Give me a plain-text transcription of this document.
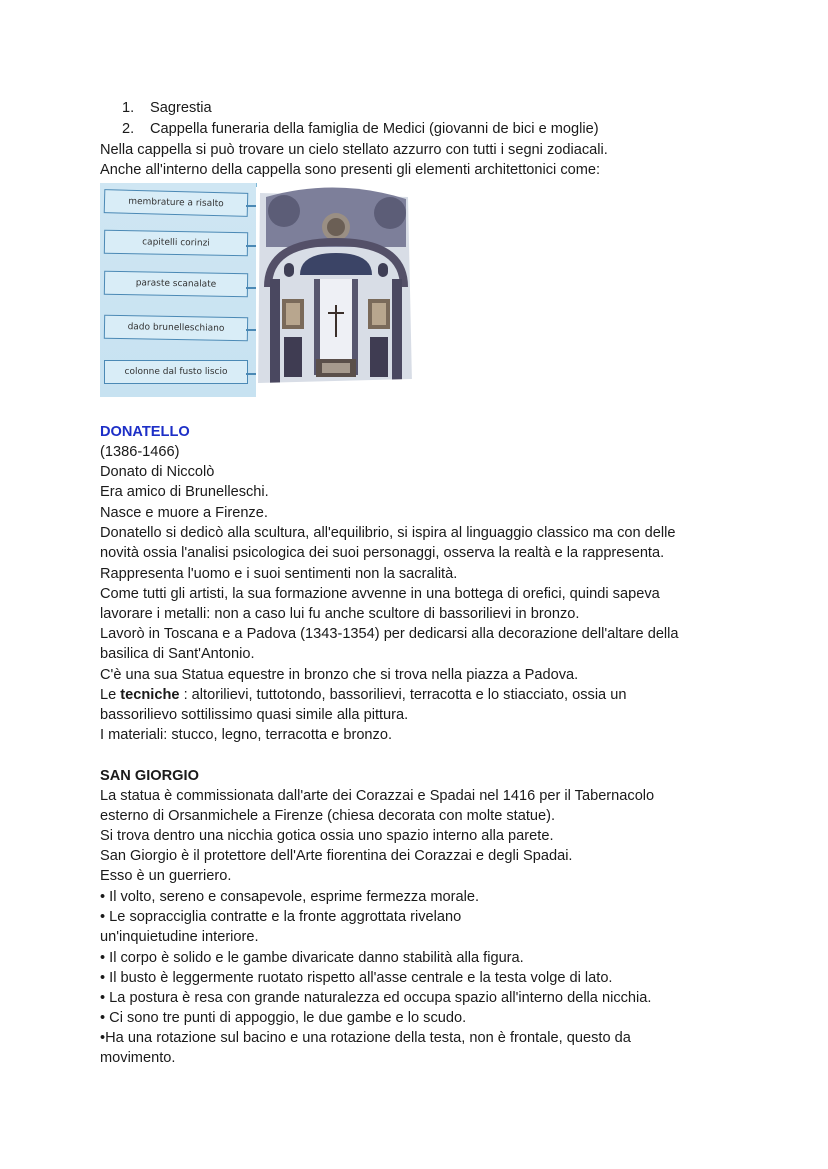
1. Sagrestia
2. Cappella funeraria della famiglia de Medici (giovanni de bici e moglie)
Nella cappella si può trovare un cielo stellato azzurro con tutti i segni zodiacali.
Anche all'interno della cappella sono presenti gli elementi architettonici come:
membrature a risalto
capitelli corinzi
paraste scanalate
dado brunelleschiano
colonne dal fusto liscio
DONATELLO
(1386-1466)
Donato di Niccolò
Era amico di Brunelleschi.
Nasce e muore a Firenze.
Donatello si dedicò alla scultura, all'equilibrio, si ispira al linguaggio classico ma con delle
novità ossia l'analisi psicologica dei suoi personaggi, osserva la realtà e la rappresenta.
Rappresenta l'uomo e i suoi sentimenti non la sacralità.
Come tutti gli artisti, la sua formazione avvenne in una bottega di orefici, quindi sapeva
lavorare i metalli: non a caso lui fu anche scultore di bassorilievi in bronzo.
Lavorò in Toscana e a Padova (1343-1354) per dedicarsi alla decorazione dell'altare della
basilica di Sant'Antonio.
C'è una sua Statua equestre in bronzo che si trova nella piazza a Padova.
Le tecniche : altorilievi, tuttotondo, bassorilievi, terracotta e lo stiacciato, ossia un
bassorilievo sottilissimo quasi simile alla pittura.
I materiali: stucco, legno, terracotta e bronzo.
SAN GIORGIO
La statua è commissionata dall'arte dei Corazzai e Spadai nel 1416 per il Tabernacolo
esterno di Orsanmichele a Firenze (chiesa decorata con molte statue).
Si trova dentro una nicchia gotica ossia uno spazio interno alla parete.
San Giorgio è il protettore dell'Arte fiorentina dei Corazzai e degli Spadai.
Esso è un guerriero.
• Il volto, sereno e consapevole, esprime fermezza morale.
• Le sopracciglia contratte e la fronte aggrottata rivelano
un'inquietudine interiore.
• Il corpo è solido e le gambe divaricate danno stabilità alla figura.
• Il busto è leggermente ruotato rispetto all'asse centrale e la testa volge di lato.
• La postura è resa con grande naturalezza ed occupa spazio all'interno della nicchia.
• Ci sono tre punti di appoggio, le due gambe e lo scudo.
•Ha una rotazione sul bacino e una rotazione della testa, non è frontale, questo da
movimento.
